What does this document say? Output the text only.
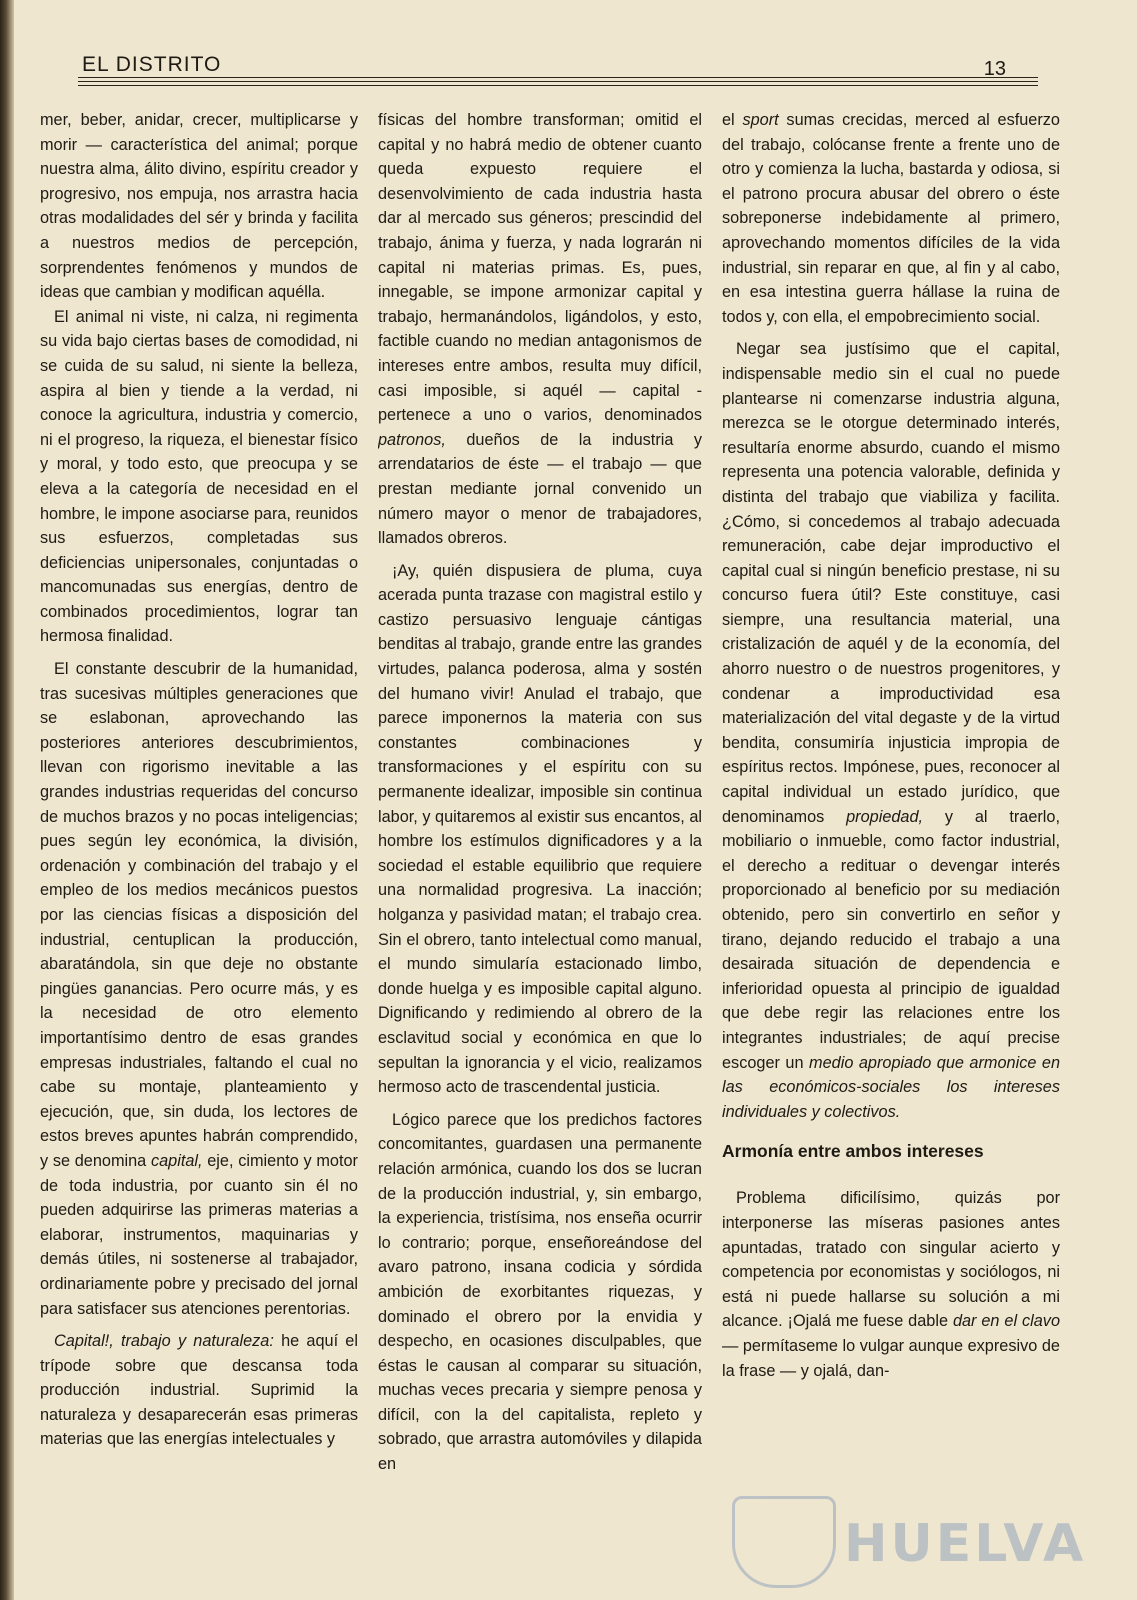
EL DISTRITO	13

mer, beber, anidar, crecer, multiplicarse y morir — característica del animal; porque nuestra alma, álito divino, espíritu creador y progresivo, nos empuja, nos arrastra hacia otras modalidades del sér y brinda y facilita a nuestros medios de percepción, sorprendentes fenómenos y mundos de ideas que cambian y modifican aquélla.

El animal ni viste, ni calza, ni regimenta su vida bajo ciertas bases de comodidad, ni se cuida de su salud, ni siente la belleza, aspira al bien y tiende a la verdad, ni conoce la agricultura, industria y comercio, ni el progreso, la riqueza, el bienestar físico y moral, y todo esto, que preocupa y se eleva a la categoría de necesidad en el hombre, le impone asociarse para, reunidos sus esfuerzos, completadas sus deficiencias unipersonales, conjuntadas o mancomunadas sus energías, dentro de combinados procedimientos, lograr tan hermosa finalidad.

El constante descubrir de la humanidad, tras sucesivas múltiples generaciones que se eslabonan, aprovechando las posteriores anteriores descubrimientos, llevan con rigorismo inevitable a las grandes industrias requeridas del concurso de muchos brazos y no pocas inteligencias; pues según ley económica, la división, ordenación y combinación del trabajo y el empleo de los medios mecánicos puestos por las ciencias físicas a disposición del industrial, centuplican la producción, abaratándola, sin que deje no obstante pingües ganancias. Pero ocurre más, y es la necesidad de otro elemento importantísimo dentro de esas grandes empresas industriales, faltando el cual no cabe su montaje, planteamiento y ejecución, que, sin duda, los lectores de estos breves apuntes habrán comprendido, y se denomina capital, eje, cimiento y motor de toda industria, por cuanto sin él no pueden adquirirse las primeras materias a elaborar, instrumentos, maquinarias y demás útiles, ni sostenerse al trabajador, ordinariamente pobre y precisado del jornal para satisfacer sus atenciones perentorias.

Capital!, trabajo y naturaleza: he aquí el trípode sobre que descansa toda producción industrial. Suprimid la naturaleza y desaparecerán esas primeras materias que las energías intelectuales y

físicas del hombre transforman; omitid el capital y no habrá medio de obtener cuanto queda expuesto requiere el desenvolvimiento de cada industria hasta dar al mercado sus géneros; prescindid del trabajo, ánima y fuerza, y nada lograrán ni capital ni materias primas. Es, pues, innegable, se impone armonizar capital y trabajo, hermanándolos, ligándolos, y esto, factible cuando no median antagonismos de intereses entre ambos, resulta muy difícil, casi imposible, si aquél — capital - pertenece a uno o varios, denominados patronos, dueños de la industria y arrendatarios de éste — el trabajo — que prestan mediante jornal convenido un número mayor o menor de trabajadores, llamados obreros.

¡Ay, quién dispusiera de pluma, cuya acerada punta trazase con magistral estilo y castizo persuasivo lenguaje cántigas benditas al trabajo, grande entre las grandes virtudes, palanca poderosa, alma y sostén del humano vivir! Anulad el trabajo, que parece imponernos la materia con sus constantes combinaciones y transformaciones y el espíritu con su permanente idealizar, imposible sin continua labor, y quitaremos al existir sus encantos, al hombre los estímulos dignificadores y a la sociedad el estable equilibrio que requiere una normalidad progresiva. La inacción; holganza y pasividad matan; el trabajo crea. Sin el obrero, tanto intelectual como manual, el mundo simularía estacionado limbo, donde huelga y es imposible capital alguno. Dignificando y redimiendo al obrero de la esclavitud social y económica en que lo sepultan la ignorancia y el vicio, realizamos hermoso acto de trascendental justicia.

Lógico parece que los predichos factores concomitantes, guardasen una permanente relación armónica, cuando los dos se lucran de la producción industrial, y, sin embargo, la experiencia, tristísima, nos enseña ocurrir lo contrario; porque, enseñoreándose del avaro patrono, insana codicia y sórdida ambición de exorbitantes riquezas, y dominado el obrero por la envidia y despecho, en ocasiones disculpables, que éstas le causan al comparar su situación, muchas veces precaria y siempre penosa y difícil, con la del capitalista, repleto y sobrado, que arrastra automóviles y dilapida en

el sport sumas crecidas, merced al esfuerzo del trabajo, colócanse frente a frente uno de otro y comienza la lucha, bastarda y odiosa, si el patrono procura abusar del obrero o éste sobreponerse indebidamente al primero, aprovechando momentos difíciles de la vida industrial, sin reparar en que, al fin y al cabo, en esa intestina guerra hállase la ruina de todos y, con ella, el empobrecimiento social.

Negar sea justísimo que el capital, indispensable medio sin el cual no puede plantearse ni comenzarse industria alguna, merezca se le otorgue determinado interés, resultaría enorme absurdo, cuando el mismo representa una potencia valorable, definida y distinta del trabajo que viabiliza y facilita. ¿Cómo, si concedemos al trabajo adecuada remuneración, cabe dejar improductivo el capital cual si ningún beneficio prestase, ni su concurso fuera útil? Este constituye, casi siempre, una resultancia material, una cristalización de aquél y de la economía, del ahorro nuestro o de nuestros progenitores, y condenar a improductividad esa materialización del vital degaste y de la virtud bendita, consumiría injusticia impropia de espíritus rectos. Impónese, pues, reconocer al capital individual un estado jurídico, que denominamos propiedad, y al traerlo, mobiliario o inmueble, como factor industrial, el derecho a redituar o devengar interés proporcionado al beneficio por su mediación obtenido, pero sin convertirlo en señor y tirano, dejando reducido el trabajo a una desairada situación de dependencia e inferioridad opuesta al principio de igualdad que debe regir las relaciones entre los integrantes industriales; de aquí precise escoger un medio apropiado que armonice en las económicos-sociales los intereses individuales y colectivos.

Armonía entre ambos intereses

Problema dificilísimo, quizás por interponerse las míseras pasiones antes apuntadas, tratado con singular acierto y competencia por economistas y sociólogos, ni está ni puede hallarse su solución a mi alcance. ¡Ojalá me fuese dable dar en el clavo — permítaseme lo vulgar aunque expresivo de la frase — y ojalá, dan-

HUELVA
